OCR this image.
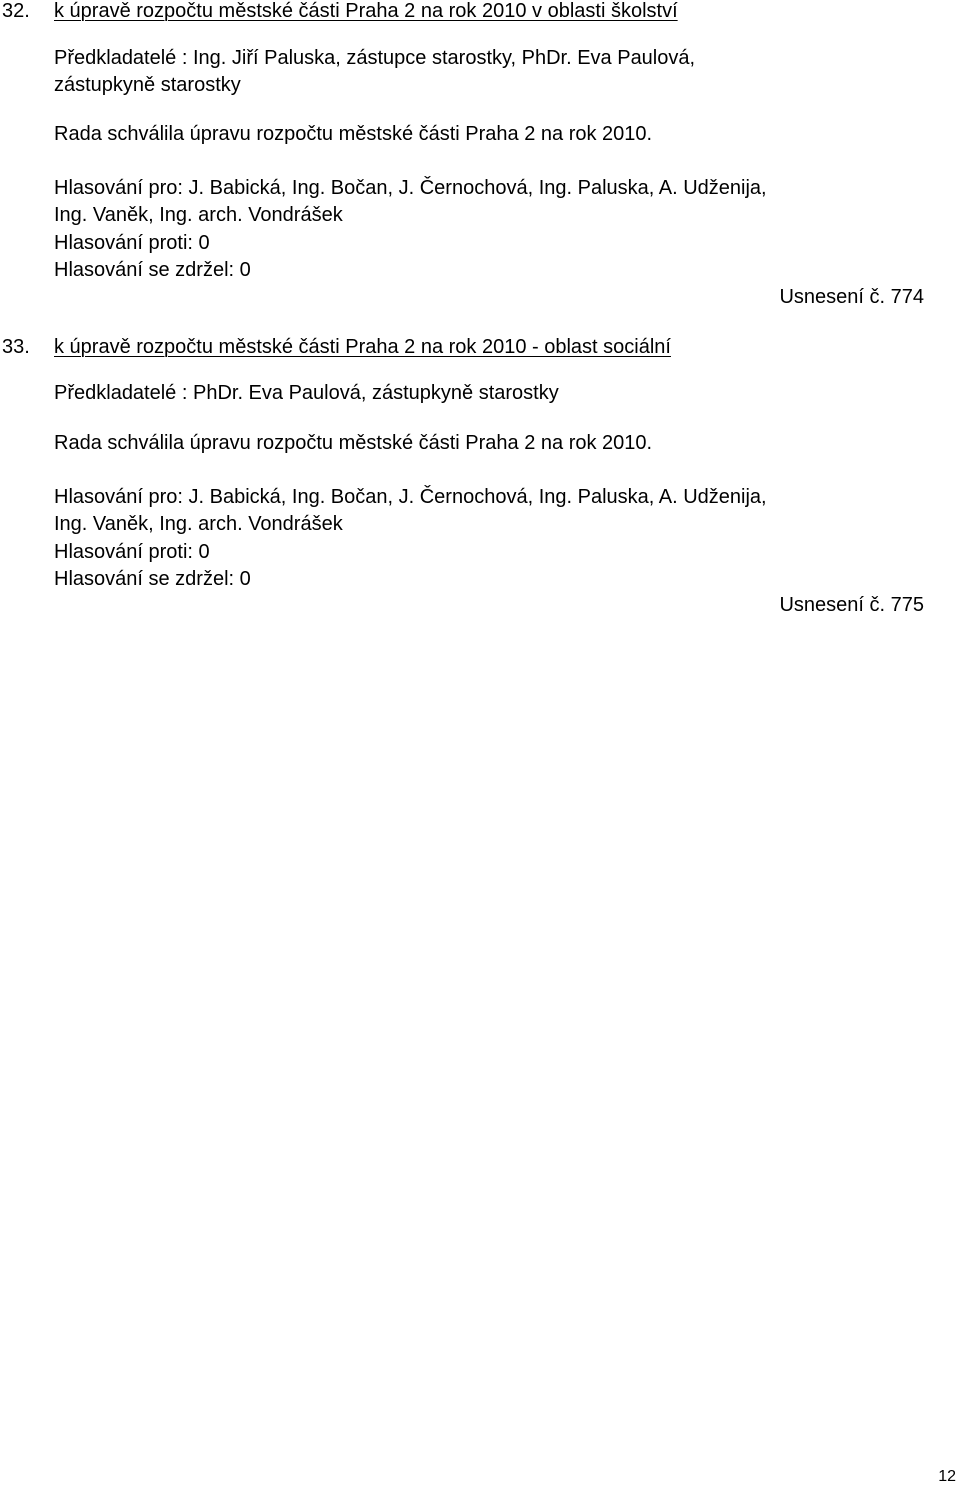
32. k úpravě rozpočtu městské části Praha 2 na rok 2010 v oblasti školství
Předkladatelé : Ing. Jiří Paluska, zástupce starostky, PhDr. Eva Paulová,
zástupkyně starostky
Rada schválila úpravu rozpočtu městské části Praha 2 na rok 2010.
Hlasování pro: J. Babická, Ing. Bočan, J. Černochová, Ing. Paluska, A. Udženija,
Ing. Vaněk, Ing. arch. Vondrášek
Hlasování proti: 0
Hlasování se zdržel: 0
Usnesení č. 774
33. k úpravě rozpočtu městské části Praha 2 na rok 2010 - oblast sociální
Předkladatelé : PhDr. Eva Paulová, zástupkyně starostky
Rada schválila úpravu rozpočtu městské části Praha 2 na rok 2010.
Hlasování pro: J. Babická, Ing. Bočan, J. Černochová, Ing. Paluska, A. Udženija,
Ing. Vaněk, Ing. arch. Vondrášek
Hlasování proti: 0
Hlasování se zdržel: 0
Usnesení č. 775
12
